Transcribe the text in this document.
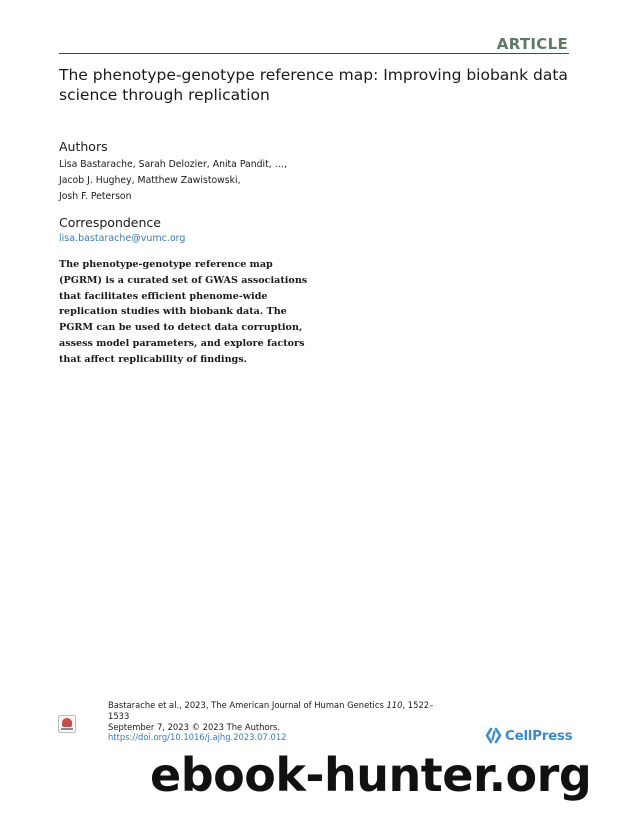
ARTICLE
The phenotype-genotype reference map: Improving biobank data
science through replication
Authors
Lisa Bastarache, Sarah Delozier, Anita Pandit, …,
Jacob J. Hughey, Matthew Zawistowski,
Josh F. Peterson
Correspondence
lisa.bastarache@vumc.org

The phenotype-genotype reference map
(PGRM) is a curated set of GWAS associations
that facilitates efficient phenome-wide
replication studies with biobank data. The
PGRM can be used to detect data corruption,
assess model parameters, and explore factors
that affect replicability of findings.

Bastarache et al., 2023, The American Journal of Human Genetics 110, 1522–
1533
September 7, 2023 © 2023 The Authors.
https://doi.org/10.1016/j.ajhg.2023.07.012	CellPress
ebook-hunter.org
